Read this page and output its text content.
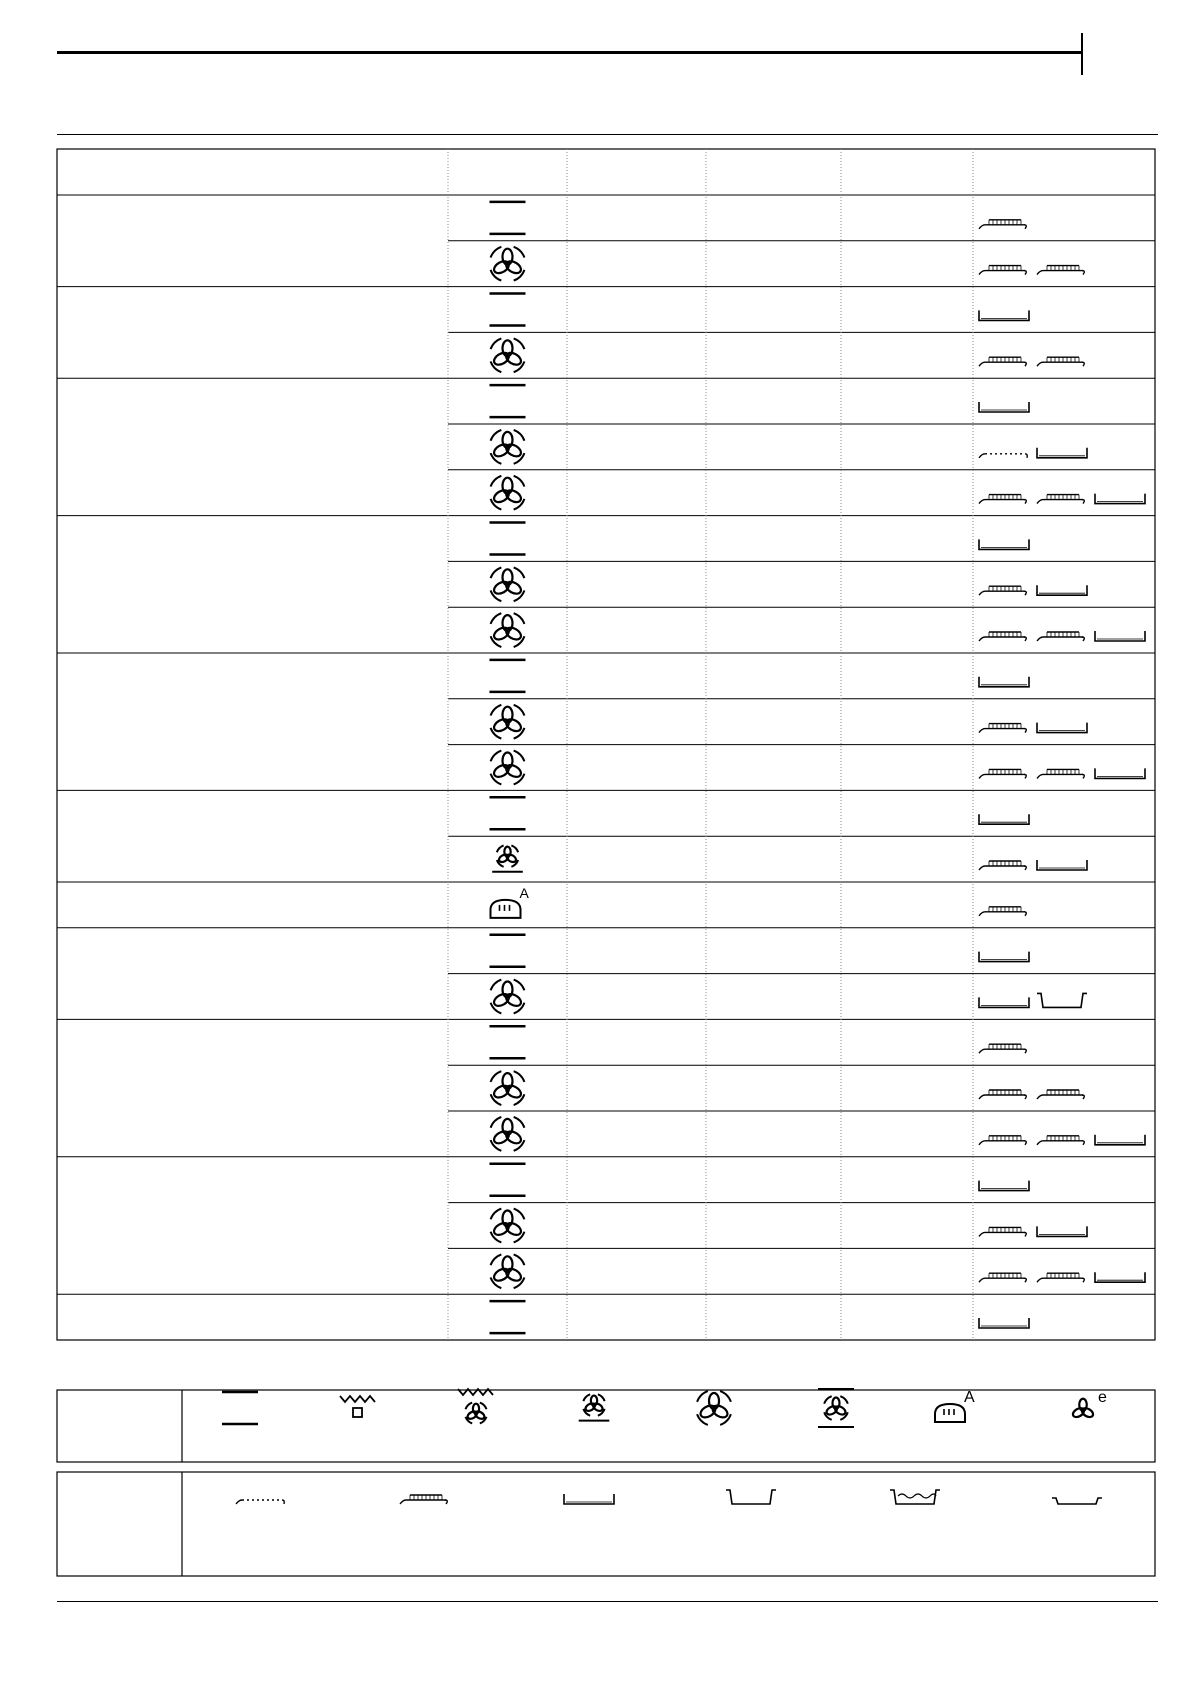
A
A	e
